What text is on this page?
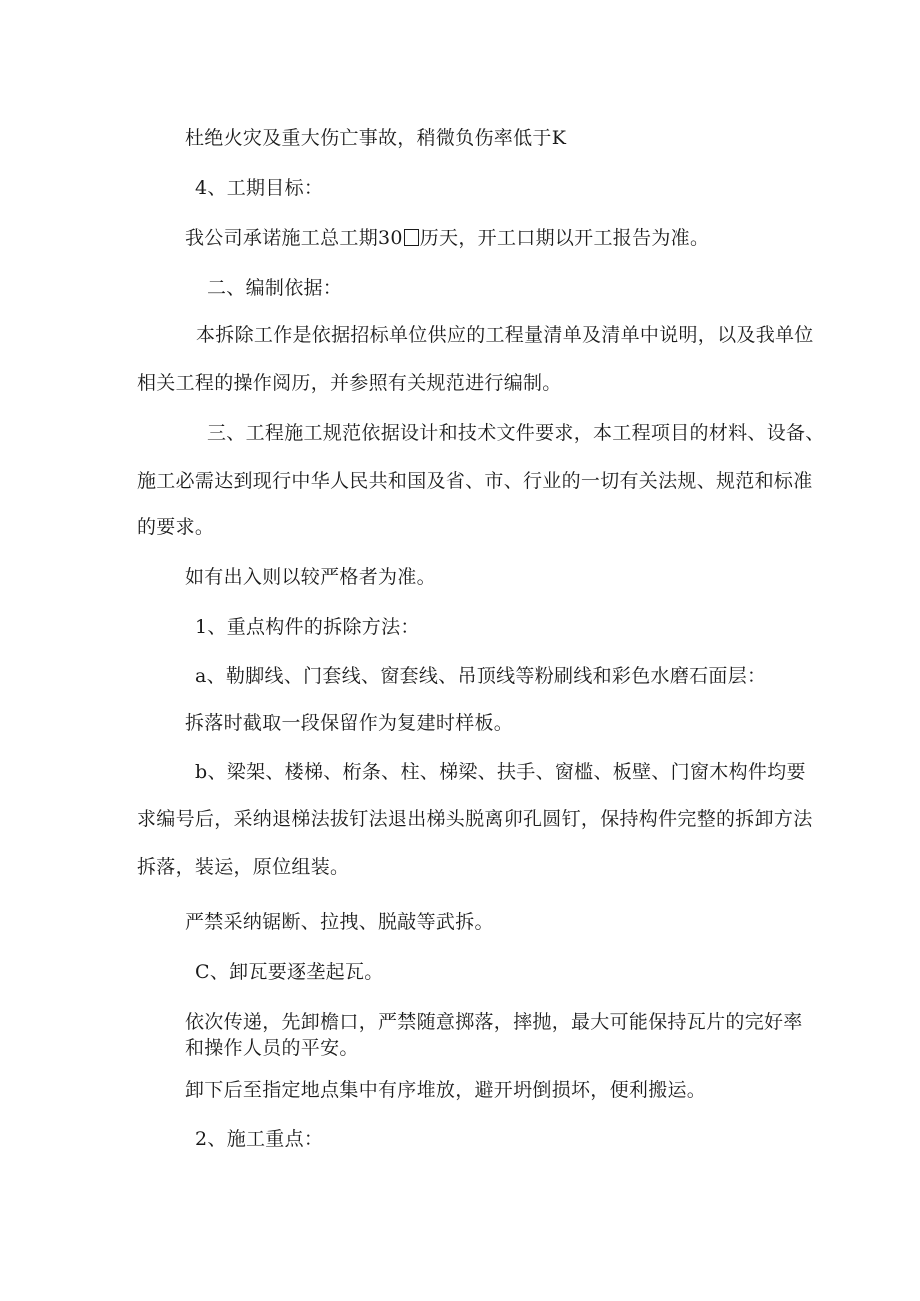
杜绝火灾及重大伤亡事故，稍微负伤率低于K
4、工期目标：
我公司承诺施工总工期30 历天，开工口期以开工报告为准。
二、编制依据：
本拆除工作是依据招标单位供应的工程量清单及清单中说明，以及我单位
相关工程的操作阅历，并参照有关规范进行编制。
三、工程施工规范依据设计和技术文件要求，本工程项目的材料、设备、
施工必需达到现行中华人民共和国及省、市、行业的一切有关法规、规范和标准
的要求。
如有出入则以较严格者为准。
1、重点构件的拆除方法：
a、勒脚线、门套线、窗套线、吊顶线等粉刷线和彩色水磨石面层：
拆落时截取一段保留作为复建时样板。
b、梁架、楼梯、桁条、柱、梯梁、扶手、窗槛、板壁、门窗木构件均要
求编号后，采纳退梯法拔钉法退出梯头脱离卯孔圆钉，保持构件完整的拆卸方法
拆落，装运，原位组装。
严禁采纳锯断、拉拽、脱敲等武拆。
C、卸瓦要逐垄起瓦。
依次传递，先卸檐口，严禁随意掷落，摔抛，最大可能保持瓦片的完好率
和操作人员的平安。
卸下后至指定地点集中有序堆放，避开坍倒损坏，便利搬运。
2、施工重点：
